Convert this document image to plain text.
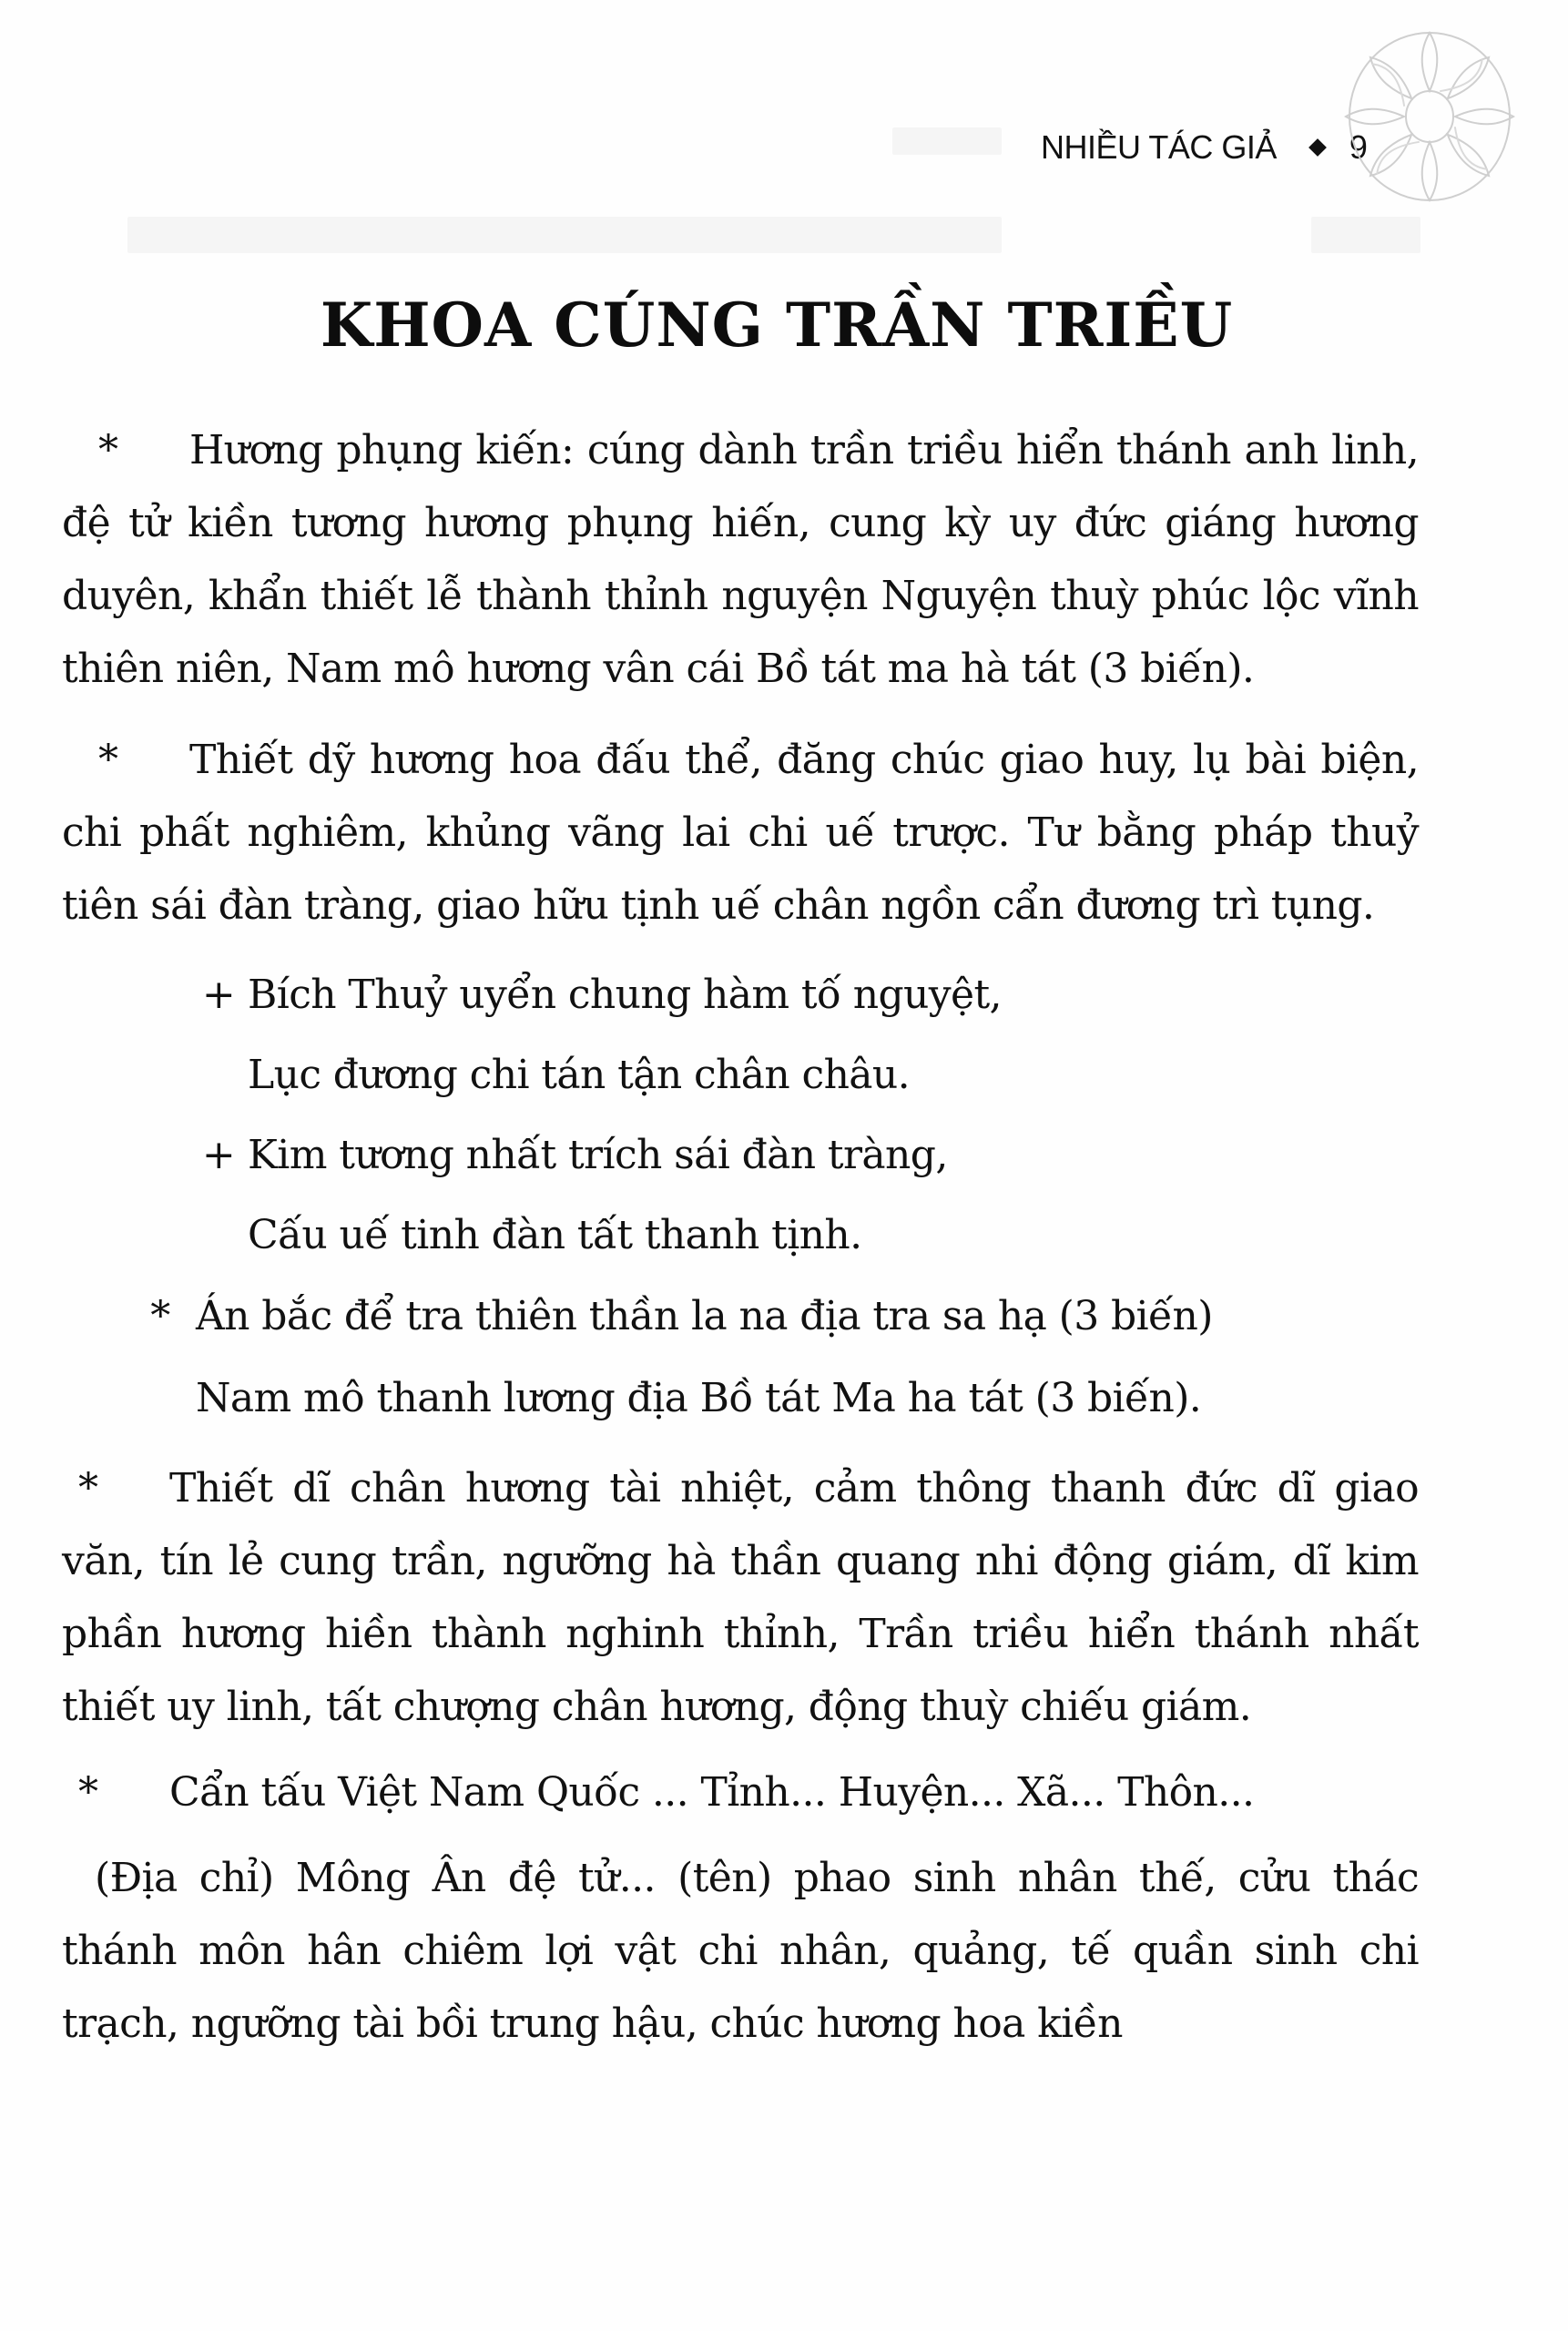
NHIỀU TÁC GIẢ 9
KHOA CÚNG TRẦN TRIỀU

* Hương phụng kiến: cúng dành trần triều hiển thánh anh linh, đệ tử kiền tương hương phụng hiến, cung kỳ uy đức giáng hương duyên, khẩn thiết lễ thành thỉnh nguyện Nguyện thuỳ phúc lộc vĩnh thiên niên, Nam mô hương vân cái Bồ tát ma hà tát (3 biến).

* Thiết dỹ hương hoa đấu thể, đăng chúc giao huy, lụ bài biện, chi phất nghiêm, khủng vãng lai chi uế trược. Tư bằng pháp thuỷ tiên sái đàn tràng, giao hữu tịnh uế chân ngồn cẩn đương trì tụng.

+ Bích Thuỷ uyển chung hàm tố nguyệt,
Lục đương chi tán tận chân châu.
+ Kim tương nhất trích sái đàn tràng,
Cấu uế tinh đàn tất thanh tịnh.
* Án bắc để tra thiên thần la na địa tra sa hạ (3 biến)
Nam mô thanh lương địa Bồ tát Ma ha tát (3 biến).

* Thiết dĩ chân hương tài nhiệt, cảm thông thanh đức dĩ giao văn, tín lẻ cung trần, ngưỡng hà thần quang nhi động giám, dĩ kim phần hương hiền thành nghinh thỉnh, Trần triều hiển thánh nhất thiết uy linh, tất chượng chân hương, động thuỳ chiếu giám.

* Cẩn tấu Việt Nam Quốc ... Tỉnh... Huyện... Xã... Thôn...

(Địa chỉ) Mông Ân đệ tử... (tên) phao sinh nhân thế, cửu thác thánh môn hân chiêm lợi vật chi nhân, quảng, tế quần sinh chi trạch, ngưỡng tài bồi trung hậu, chúc hương hoa kiền
